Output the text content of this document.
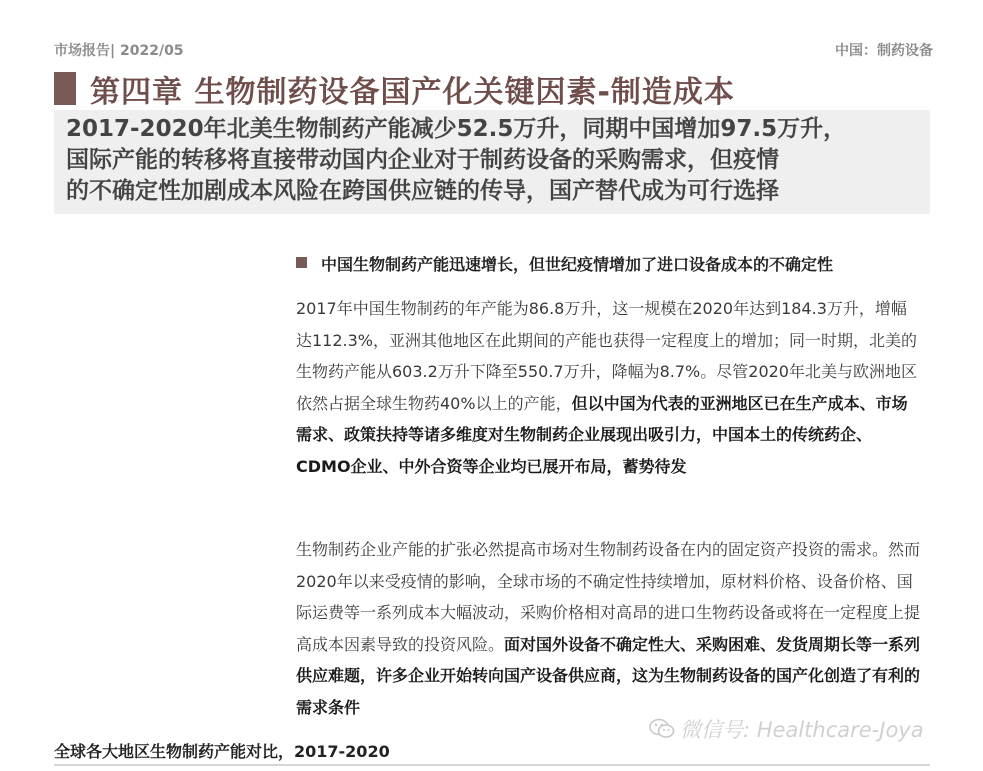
市场报告| 2022/05	中国：制药设备
第四章 生物制药设备国产化关键因素-制造成本
2017-2020年北美生物制药产能减少52.5万升，同期中国增加97.5万升，
国际产能的转移将直接带动国内企业对于制药设备的采购需求，但疫情
的不确定性加剧成本风险在跨国供应链的传导，国产替代成为可行选择
中国生物制药产能迅速增长，但世纪疫情增加了进口设备成本的不确定性
2017年中国生物制药的年产能为86.8万升，这一规模在2020年达到184.3万升，增幅达112.3%，亚洲其他地区在此期间的产能也获得一定程度上的增加；同一时期，北美的生物药产能从603.2万升下降至550.7万升，降幅为8.7%。尽管2020年北美与欧洲地区依然占据全球生物药40%以上的产能，但以中国为代表的亚洲地区已在生产成本、市场需求、政策扶持等诸多维度对生物制药企业展现出吸引力，中国本土的传统药企、CDMO企业、中外合资等企业均已展开布局，蓄势待发
生物制药企业产能的扩张必然提高市场对生物制药设备在内的固定资产投资的需求。然而2020年以来受疫情的影响，全球市场的不确定性持续增加，原材料价格、设备价格、国际运费等一系列成本大幅波动，采购价格相对高昂的进口生物药设备或将在一定程度上提高成本因素导致的投资风险。面对国外设备不确定性大、采购困难、发货周期长等一系列供应难题，许多企业开始转向国产设备供应商，这为生物制药设备的国产化创造了有利的需求条件
微信号: Healthcare-Joya
全球各大地区生物制药产能对比，2017-2020
